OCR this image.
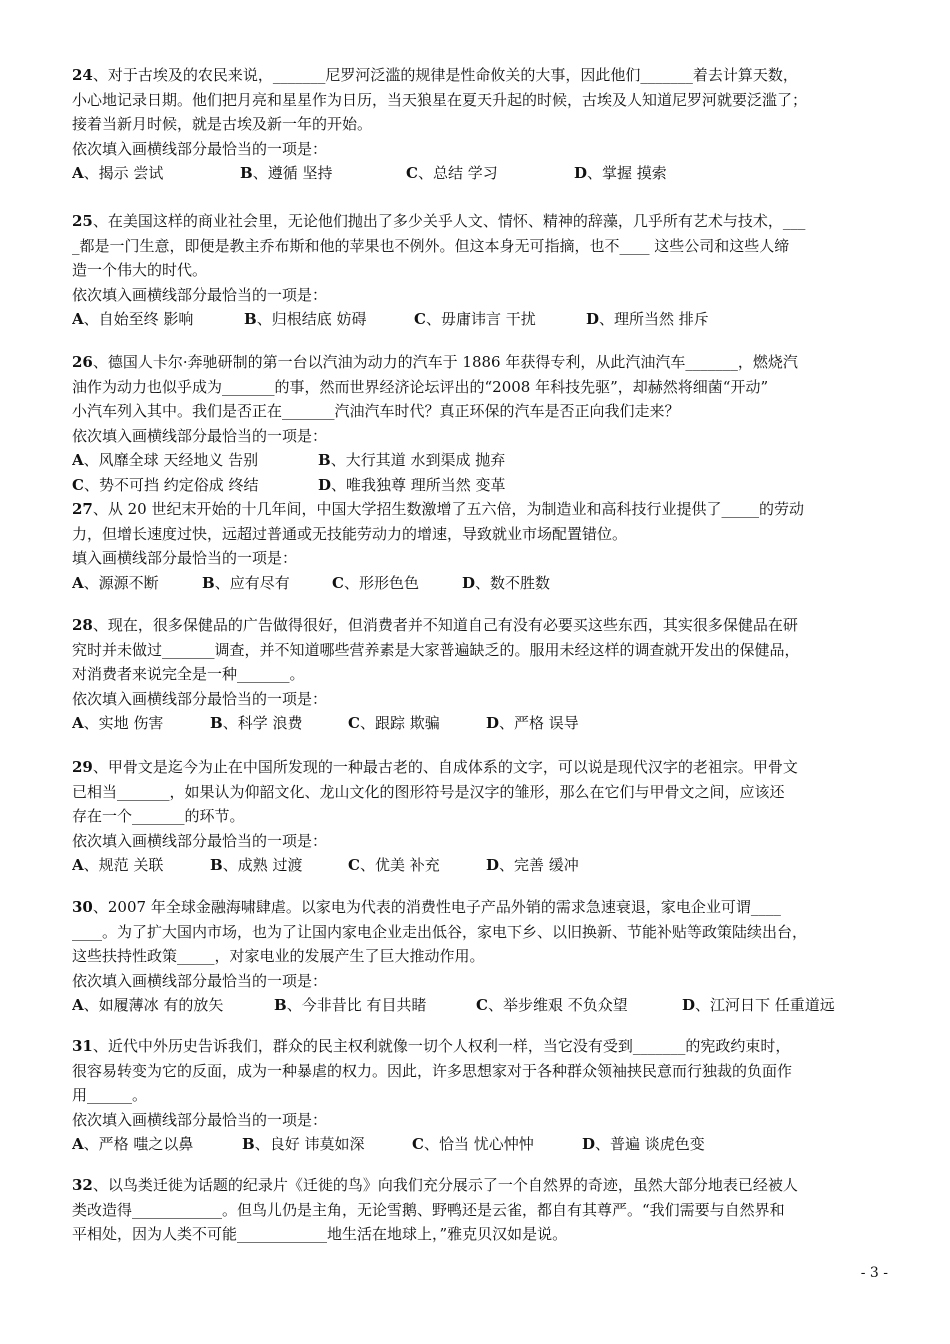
24、对于古埃及的农民来说，_______尼罗河泛滥的规律是性命攸关的大事，因此他们_______着去计算天数，
小心地记录日期。他们把月亮和星星作为日历，当天狼星在夏天升起的时候，古埃及人知道尼罗河就要泛滥了；
接着当新月时候，就是古埃及新一年的开始。
依次填入画横线部分最恰当的一项是：
A、揭示 尝试	B、遵循 坚持	C、总结 学习	D、掌握 摸索
25、在美国这样的商业社会里，无论他们抛出了多少关乎人文、情怀、精神的辞藻，几乎所有艺术与技术，___
_都是一门生意，即便是教主乔布斯和他的苹果也不例外。但这本身无可指摘，也不____ 这些公司和这些人缔
造一个伟大的时代。
依次填入画横线部分最恰当的一项是：
A、自始至终 影响	B、归根结底 妨碍	C、毋庸讳言 干扰	D、理所当然 排斥
26、德国人卡尔·奔驰研制的第一台以汽油为动力的汽车于 1886 年获得专利，从此汽油汽车_______，燃烧汽
油作为动力也似乎成为_______的事，然而世界经济论坛评出的“2008 年科技先驱”，却赫然将细菌“开动”
小汽车列入其中。我们是否正在_______汽油汽车时代？真正环保的汽车是否正向我们走来？
依次填入画横线部分最恰当的一项是：
A、风靡全球 天经地义 告别	B、大行其道 水到渠成 抛弃
C、势不可挡 约定俗成 终结	D、唯我独尊 理所当然 变革
27、从 20 世纪末开始的十几年间，中国大学招生数激增了五六倍，为制造业和高科技行业提供了_____的劳动
力，但增长速度过快，远超过普通或无技能劳动力的增速，导致就业市场配置错位。
填入画横线部分最恰当的一项是：
A、源源不断	B、应有尽有	C、形形色色	D、数不胜数
28、现在，很多保健品的广告做得很好，但消费者并不知道自己有没有必要买这些东西，其实很多保健品在研
究时并未做过_______调查，并不知道哪些营养素是大家普遍缺乏的。服用未经这样的调查就开发出的保健品，
对消费者来说完全是一种_______。
依次填入画横线部分最恰当的一项是：
A、实地 伤害	B、科学 浪费	C、跟踪 欺骗	D、严格 误导
29、甲骨文是迄今为止在中国所发现的一种最古老的、自成体系的文字，可以说是现代汉字的老祖宗。甲骨文
已相当_______，如果认为仰韶文化、龙山文化的图形符号是汉字的雏形，那么在它们与甲骨文之间，应该还
存在一个_______的环节。
依次填入画横线部分最恰当的一项是：
A、规范 关联	B、成熟 过渡	C、优美 补充	D、完善 缓冲
30、2007 年全球金融海啸肆虐。以家电为代表的消费性电子产品外销的需求急速衰退，家电企业可谓____
____。为了扩大国内市场，也为了让国内家电企业走出低谷，家电下乡、以旧换新、节能补贴等政策陆续出台，
这些扶持性政策_____，对家电业的发展产生了巨大推动作用。
依次填入画横线部分最恰当的一项是：
A、如履薄冰 有的放矢	B、今非昔比 有目共睹	C、举步维艰 不负众望	D、江河日下 任重道远
31、近代中外历史告诉我们，群众的民主权利就像一切个人权利一样，当它没有受到_______的宪政约束时，
很容易转变为它的反面，成为一种暴虐的权力。因此，许多思想家对于各种群众领袖挟民意而行独裁的负面作
用______。
依次填入画横线部分最恰当的一项是：
A、严格 嗤之以鼻	B、良好 讳莫如深	C、恰当 忧心忡忡	D、普遍 谈虎色变
32、以鸟类迁徙为话题的纪录片《迁徙的鸟》向我们充分展示了一个自然界的奇迹，虽然大部分地表已经被人
类改造得____________。但鸟儿仍是主角，无论雪鹅、野鸭还是云雀，都自有其尊严。“我们需要与自然界和
平相处，因为人类不可能____________地生活在地球上，”雅克贝汉如是说。
- 3 -
